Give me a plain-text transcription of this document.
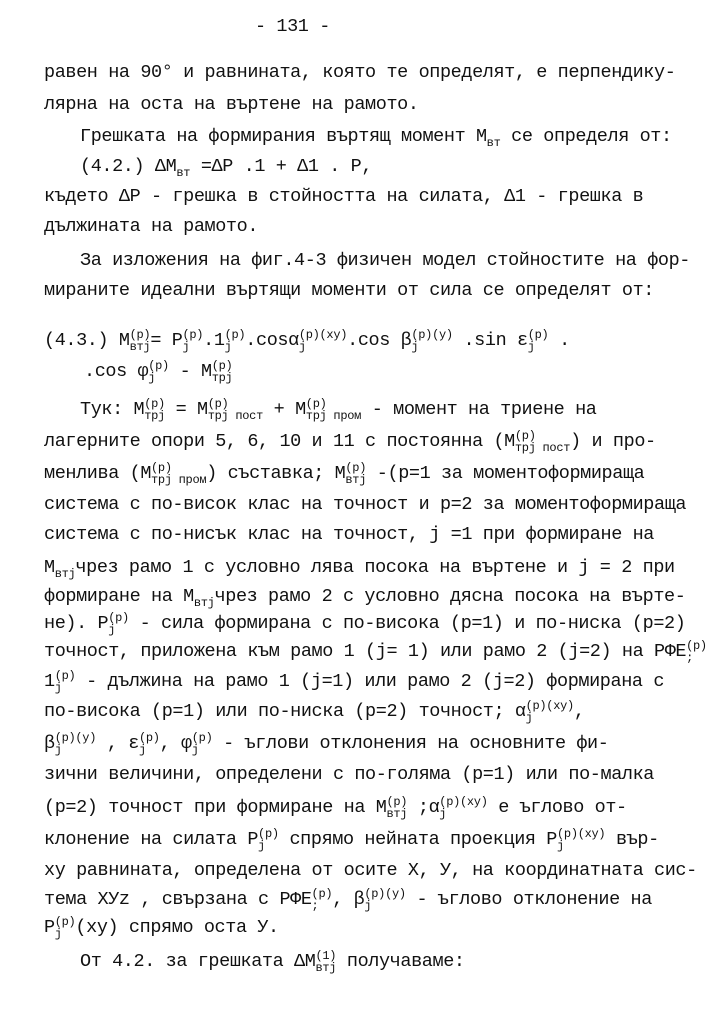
- 131 -
равен на 90° и равнината, която те определят, е перпендику-
лярна на оста на въртене на рамото.
Грешката на формирания въртящ момент $M_{вт}$ се определя от:
(4.2.) $\Delta M_{вт} =\Delta P$ .1 + Δ1 . P,
където ΔP - грешка в стойността на силата, Δ1 - грешка в
дължината на рамото.
За изложения на фиг.4-3 физичен модел стойностите на фор-
мираните идеални въртящи моменти от сила се определят от:
(4.3.) M (p)
втj = P (p)
j .1 (p)
j .cosα (p)
j
$^{(xy)}$.cos β (p)(y)
j	.sin ε (p)
j .
.cos φ (p)
j - M (p)
трj
Тук: M (p)
трj = M (p)
трj $_{пост}$ + M (p)
трj $_{пром}$ - момент на триене на
лагерните опори 5, 6, 10 и 11 с постоянна (M (p)
трj $_{пост}$) и про-
менлива (M (p)
трj $_{пром}$) съставка; M (p)
втj -(p=1 за моментоформираща
система с по-висок клас на точност и p=2 за моментоформираща
система с по-нисък клас на точност, j =1 при формиране на
M втj чрез рамо 1 с условно лява посока на въртене и j = 2 при
формиране на $M_{втj}чрез$ рамо 2 с условно дясна посока на въртe-
не). P (p)
j - сила формирана с по-висока (p=1) и по-ниска (p=2)
точност, приложена към рамо 1 (j= 1) или рамо 2 (j=2) на РФЕ (p)
;
1 (p)
j - дължина на рамо 1 (j=1) или рамо 2 (j=2) формирана с
по-висока (p=1) или по-ниска (p=2) тoчност; α (p)(xy)
j	,
β (p)(y)
j	, ε (p)
j , φ (p)
j - ъглови отклонения на основните фи-
зични величини, определени с по-голяма (p=1) или по-малка
(p=2) точност при формиране на M (p)
втj ;α (p)(xy)
j	е ъглово от-
клонение на силата P (p)
j спрямо нейната проекция P (p)(xy)
j	вър-
ху равнината, определена от осите X, У, на координатната сис-
тема XУz , свързана с РФЕ (p)
; , β (p)(y)
j	- ъглово отклонение на
P (p)
j (xy) спрямо оста У.
От 4.2. за грешката ΔM (1)
втj получаваме:
